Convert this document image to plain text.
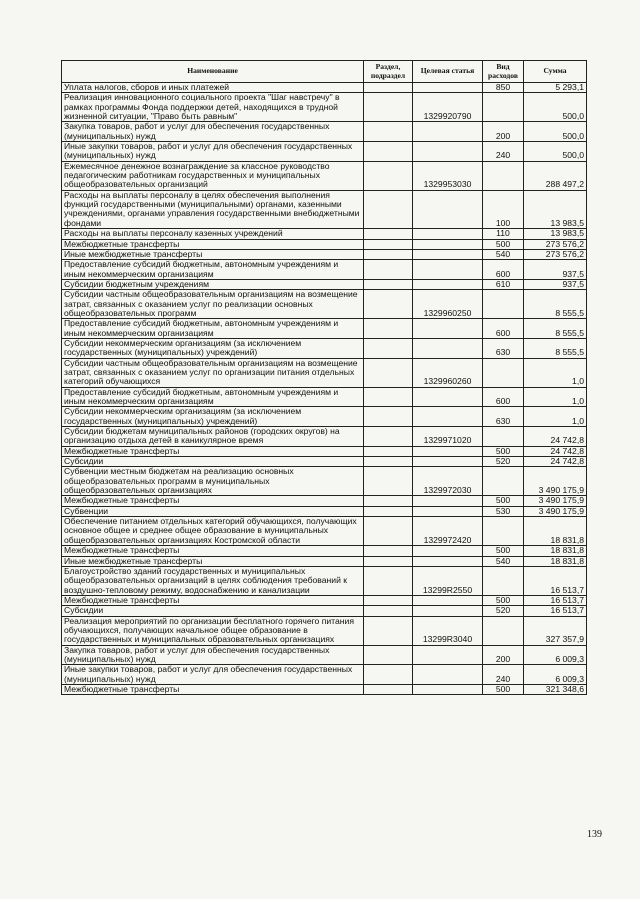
Наименование	Раздел, подраздел	Целевая статья	Вид расходов	Сумма
Уплата налогов, сборов и иных платежей			850	5 293,1
Реализация инновационного социального проекта "Шаг навстречу" в рамках программы Фонда поддержки детей, находящихся в трудной жизненной ситуации, "Право быть равным"		1329920790		500,0
Закупка товаров, работ и услуг для обеспечения государственных (муниципальных) нужд			200	500,0
Иные закупки товаров, работ и услуг для обеспечения государственных (муниципальных) нужд			240	500,0
Ежемесячное денежное вознаграждение за классное руководство педагогическим работникам государственных и муниципальных общеобразовательных организаций		1329953030		288 497,2
Расходы на выплаты персоналу в целях обеспечения выполнения функций государственными (муниципальными) органами, казенными учреждениями, органами управления государственными внебюджетными фондами			100	13 983,5
Расходы на выплаты персоналу казенных учреждений			110	13 983,5
Межбюджетные трансферты			500	273 576,2
Иные межбюджетные трансферты			540	273 576,2
Предоставление субсидий бюджетным, автономным учреждениям и иным некоммерческим организациям			600	937,5
Субсидии бюджетным учреждениям			610	937,5
Субсидии частным общеобразовательным организациям на возмещение затрат, связанных с оказанием услуг по реализации основных общеобразовательных программ		1329960250		8 555,5
Предоставление субсидий бюджетным, автономным учреждениям и иным некоммерческим организациям			600	8 555,5
Субсидии некоммерческим организациям (за исключением государственных (муниципальных) учреждений)			630	8 555,5
Субсидии частным общеобразовательным организациям на возмещение затрат, связанных с оказанием услуг по организации питания отдельных категорий обучающихся		1329960260		1,0
Предоставление субсидий бюджетным, автономным учреждениям и иным некоммерческим организациям			600	1,0
Субсидии некоммерческим организациям (за исключением государственных (муниципальных) учреждений)			630	1,0
Субсидии бюджетам муниципальных районов (городских округов) на организацию отдыха детей в каникулярное время		1329971020		24 742,8
Межбюджетные трансферты			500	24 742,8
Субсидии			520	24 742,8
Субвенции местным бюджетам на реализацию основных общеобразовательных программ в муниципальных общеобразовательных организациях		1329972030		3 490 175,9
Межбюджетные трансферты			500	3 490 175,9
Субвенции			530	3 490 175,9
Обеспечение питанием отдельных категорий обучающихся, получающих основное общее и среднее общее образование в муниципальных общеобразовательных организациях Костромской области		1329972420		18 831,8
Межбюджетные трансферты			500	18 831,8
Иные межбюджетные трансферты			540	18 831,8
Благоустройство зданий государственных и муниципальных общеобразовательных организаций в целях соблюдения требований к воздушно-тепловому режиму, водоснабжению и канализации		13299R2550		16 513,7
Межбюджетные трансферты			500	16 513,7
Субсидии			520	16 513,7
Реализация мероприятий по организации бесплатного горячего питания обучающихся, получающих начальное общее образование в государственных и муниципальных образовательных организациях		13299R3040		327 357,9
Закупка товаров, работ и услуг для обеспечения государственных (муниципальных) нужд			200	6 009,3
Иные закупки товаров, работ и услуг для обеспечения государственных (муниципальных) нужд			240	6 009,3
Межбюджетные трансферты			500	321 348,6
139
